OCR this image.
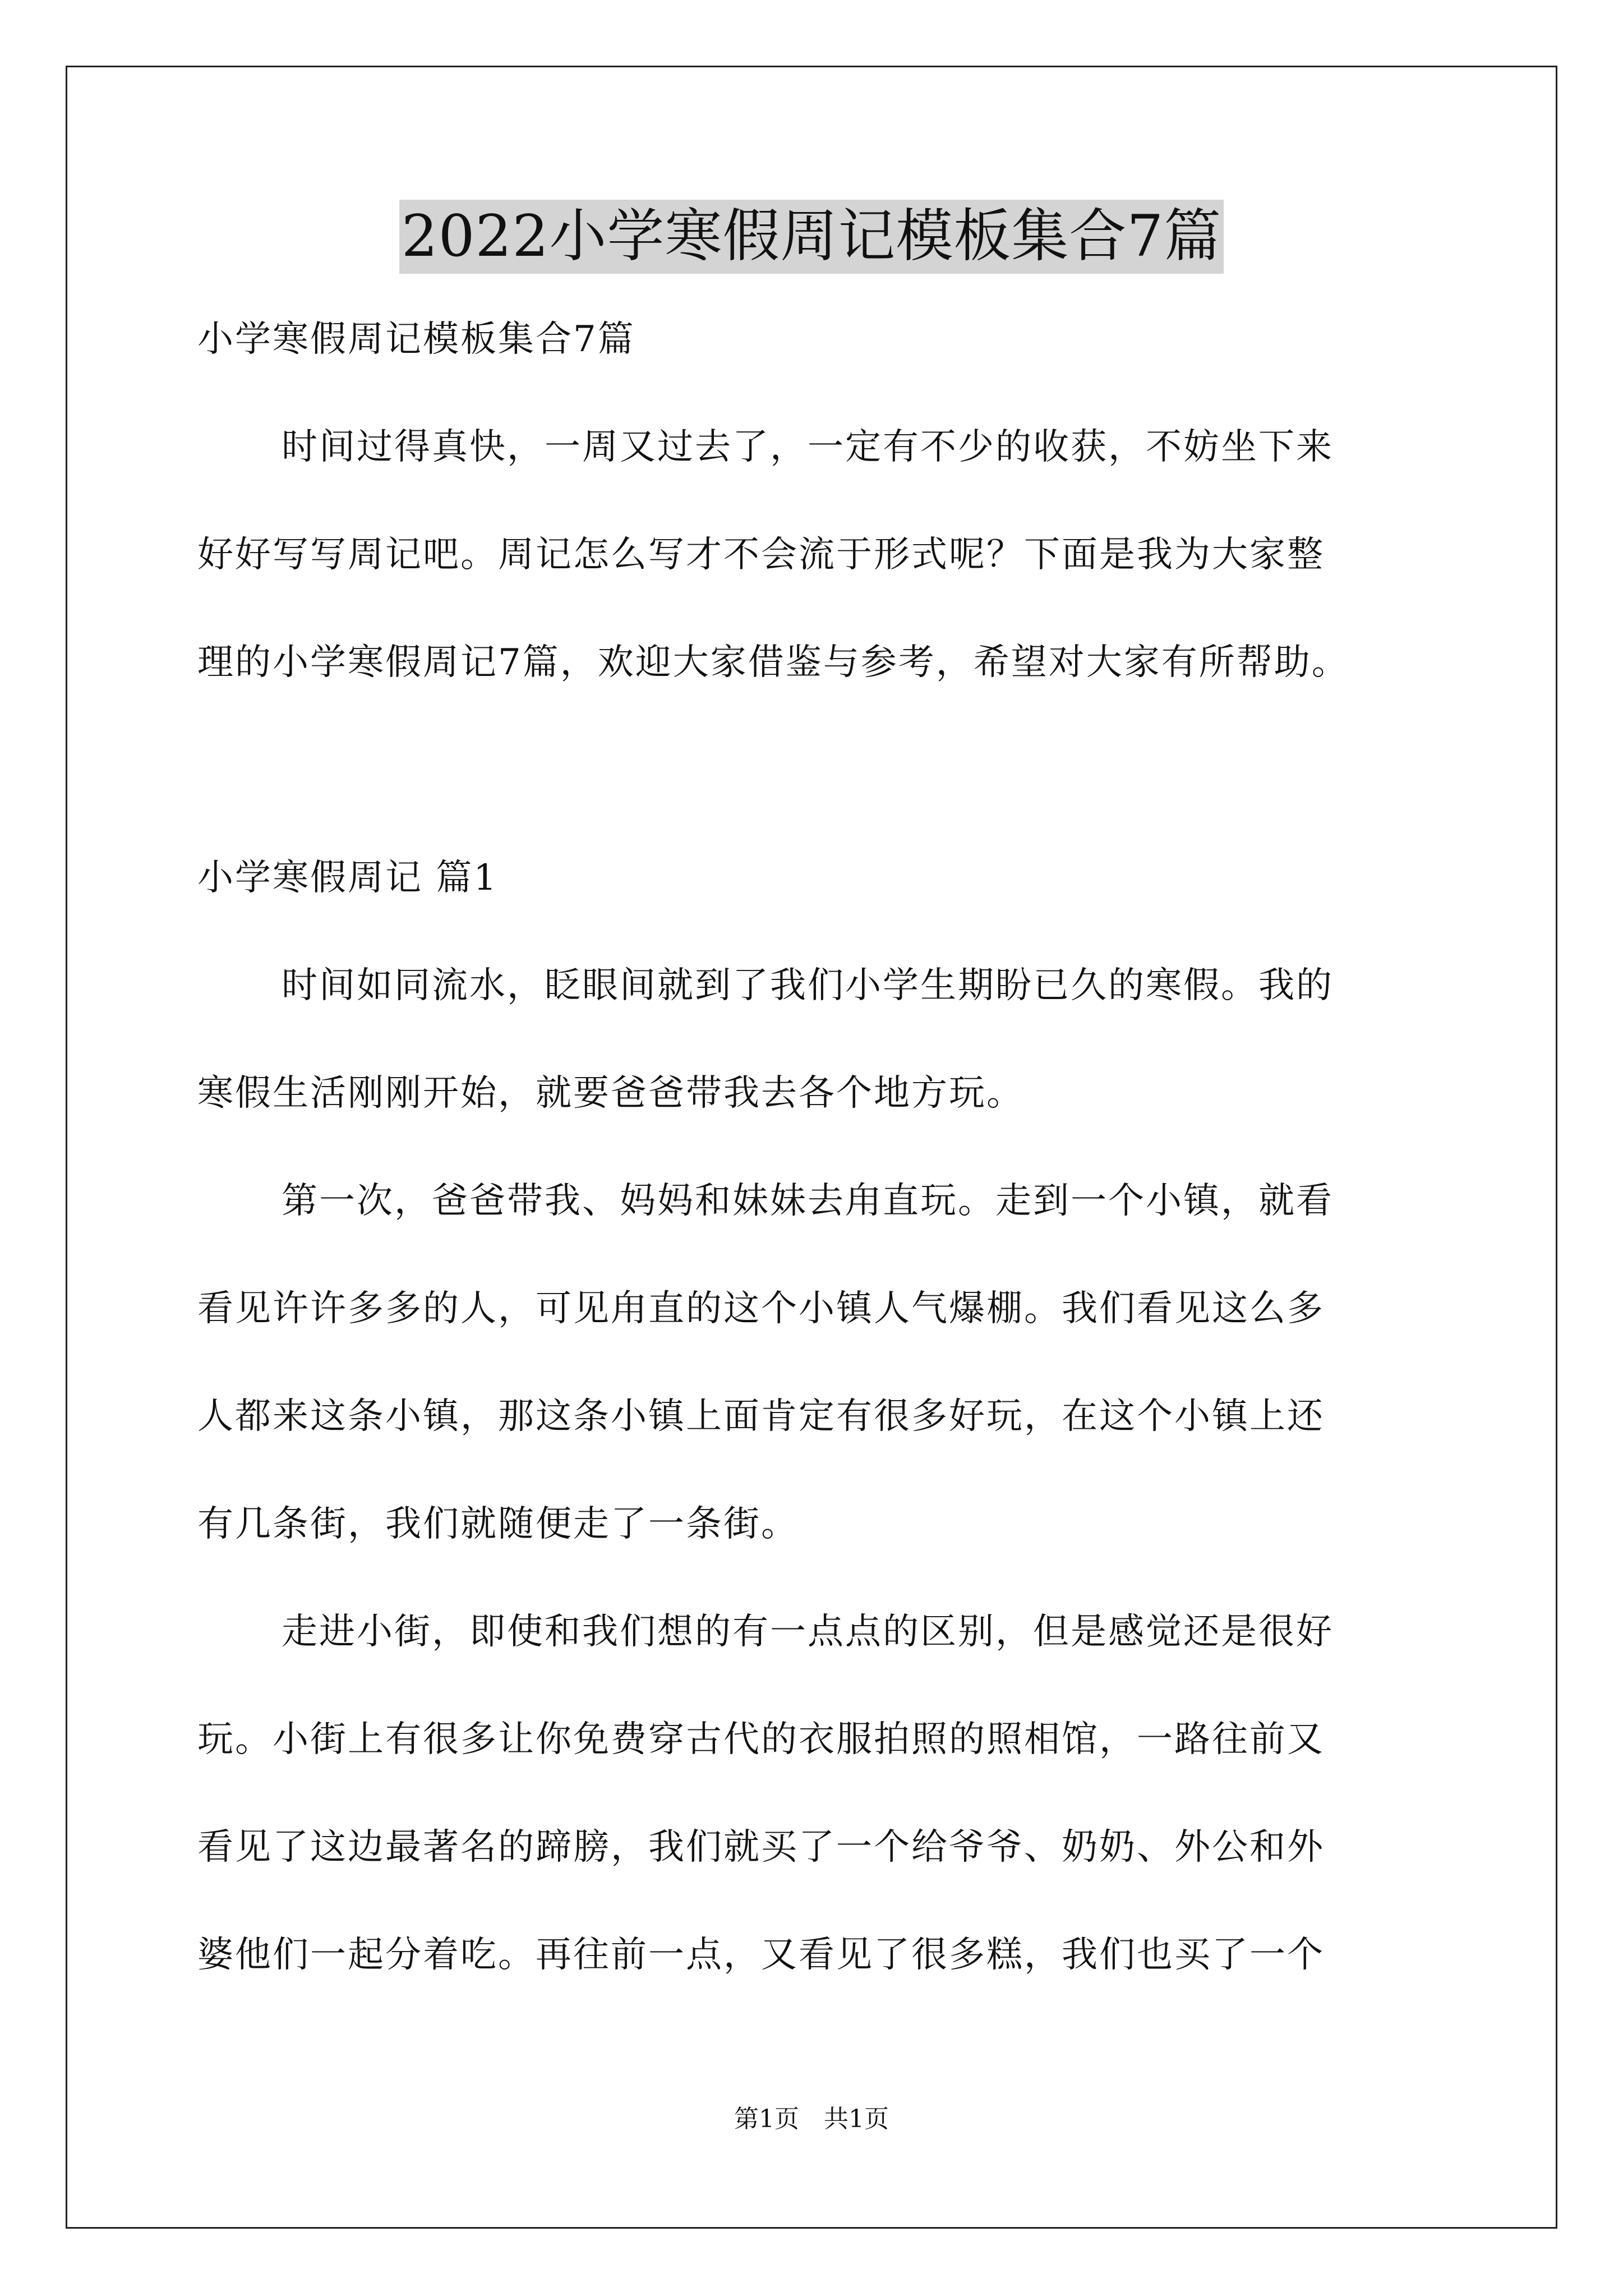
2022小学寒假周记模板集合7篇
小学寒假周记模板集合7篇
时间过得真快，一周又过去了，一定有不少的收获，不妨坐下来
好好写写周记吧。周记怎么写才不会流于形式呢？下面是我为大家整
理的小学寒假周记7篇，欢迎大家借鉴与参考，希望对大家有所帮助。
小学寒假周记 篇1
时间如同流水，眨眼间就到了我们小学生期盼已久的寒假。我的
寒假生活刚刚开始，就要爸爸带我去各个地方玩。
第一次，爸爸带我、妈妈和妹妹去甪直玩。走到一个小镇，就看
看见许许多多的人，可见甪直的这个小镇人气爆棚。我们看见这么多
人都来这条小镇，那这条小镇上面肯定有很多好玩，在这个小镇上还
有几条街，我们就随便走了一条街。
走进小街，即使和我们想的有一点点的区别，但是感觉还是很好
玩。小街上有很多让你免费穿古代的衣服拍照的照相馆，一路往前又
看见了这边最著名的蹄膀，我们就买了一个给爷爷、奶奶、外公和外
婆他们一起分着吃。再往前一点，又看见了很多糕，我们也买了一个
第1页　共1页
